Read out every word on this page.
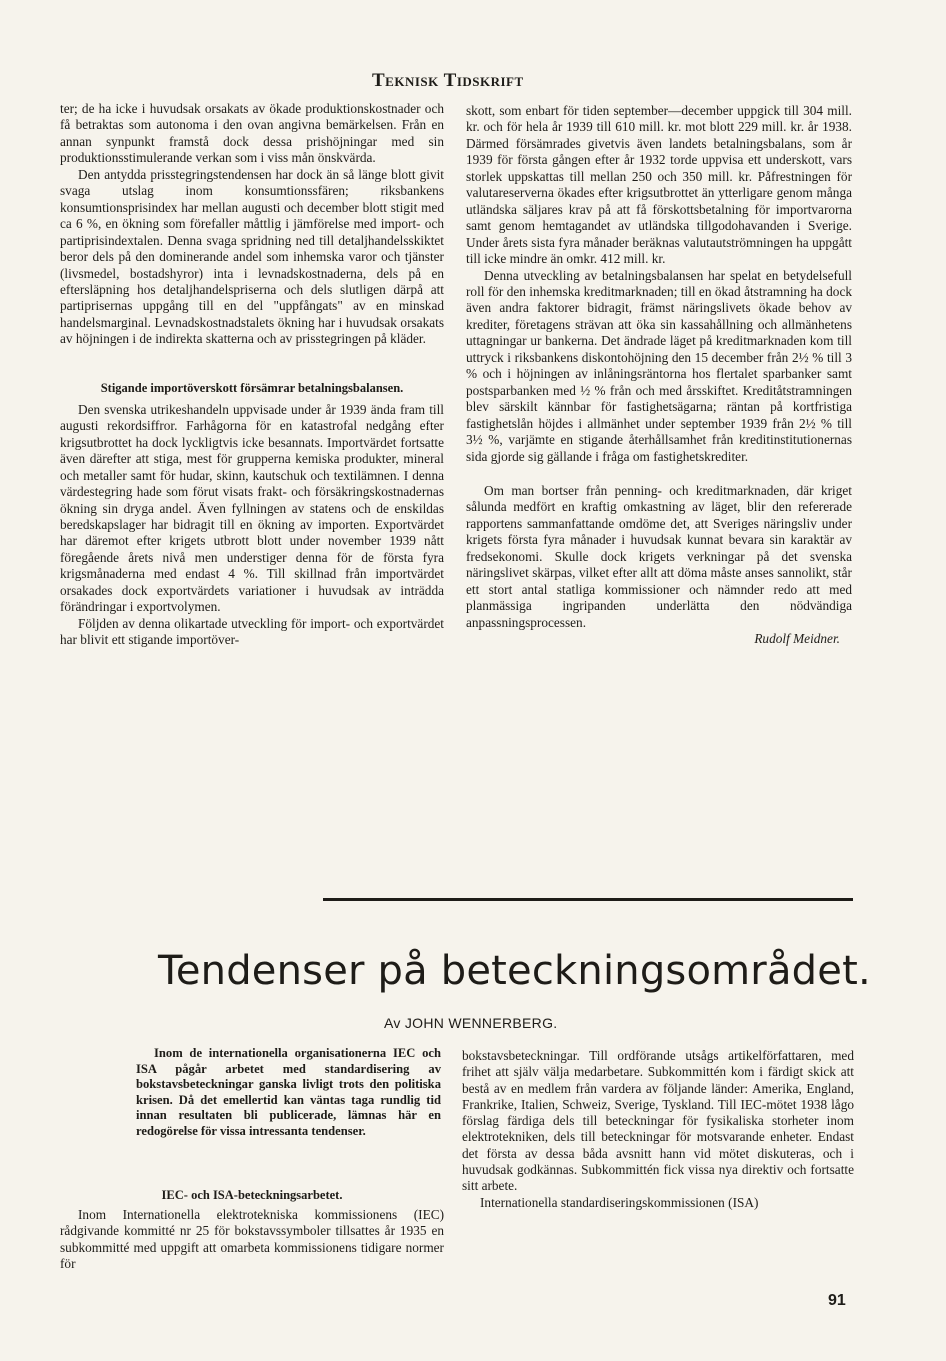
Teknisk Tidskrift

ter; de ha icke i huvudsak orsakats av ökade produktionskostnader och få betraktas som autonoma i den ovan angivna bemärkelsen. Från en annan synpunkt framstå dock dessa prishöjningar med sin produktionsstimulerande verkan som i viss mån önskvärda.

Den antydda prisstegringstendensen har dock än så länge blott givit svaga utslag inom konsumtionssfären; riksbankens konsumtionsprisindex har mellan augusti och december blott stigit med ca 6 %, en ökning som förefaller måttlig i jämförelse med import- och partiprisindextalen. Denna svaga spridning ned till detaljhandelsskiktet beror dels på den dominerande andel som inhemska varor och tjänster (livsmedel, bostadshyror) inta i levnadskostnaderna, dels på en eftersläpning hos detaljhandelspriserna och dels slutligen därpå att partiprisernas uppgång till en del "uppfångats" av en minskad handelsmarginal. Levnadskostnadstalets ökning har i huvudsak orsakats av höjningen i de indirekta skatterna och av prisstegringen på kläder.

Stigande importöverskott försämrar betalningsbalansen.

Den svenska utrikeshandeln uppvisade under år 1939 ända fram till augusti rekordsiffror. Farhågorna för en katastrofal nedgång efter krigsutbrottet ha dock lyckligtvis icke besannats. Importvärdet fortsatte även därefter att stiga, mest för grupperna kemiska produkter, mineral och metaller samt för hudar, skinn, kautschuk och textilämnen. I denna värdestegring hade som förut visats frakt- och försäkringskostnadernas ökning sin dryga andel. Även fyllningen av statens och de enskildas beredskapslager har bidragit till en ökning av importen. Exportvärdet har däremot efter krigets utbrott blott under november 1939 nått föregående årets nivå men understiger denna för de första fyra krigsmånaderna med endast 4 %. Till skillnad från importvärdet orsakades dock exportvärdets variationer i huvudsak av inträdda förändringar i exportvolymen.

Följden av denna olikartade utveckling för import- och exportvärdet har blivit ett stigande importöver-

skott, som enbart för tiden september—december uppgick till 304 mill. kr. och för hela år 1939 till 610 mill. kr. mot blott 229 mill. kr. år 1938. Därmed försämrades givetvis även landets betalningsbalans, som år 1939 för första gången efter år 1932 torde uppvisa ett underskott, vars storlek uppskattas till mellan 250 och 350 mill. kr. Påfrestningen för valutareserverna ökades efter krigsutbrottet än ytterligare genom många utländska säljares krav på att få förskottsbetalning för importvarorna samt genom hemtagandet av utländska tillgodohavanden i Sverige. Under årets sista fyra månader beräknas valutautströmningen ha uppgått till icke mindre än omkr. 412 mill. kr.

Denna utveckling av betalningsbalansen har spelat en betydelsefull roll för den inhemska kreditmarknaden; till en ökad åtstramning ha dock även andra faktorer bidragit, främst näringslivets ökade behov av krediter, företagens strävan att öka sin kassahållning och allmänhetens uttagningar ur bankerna. Det ändrade läget på kreditmarknaden kom till uttryck i riksbankens diskontohöjning den 15 december från 2½ % till 3 % och i höjningen av inlåningsräntorna hos flertalet sparbanker samt postsparbanken med ½ % från och med årsskiftet. Kreditåtstramningen blev särskilt kännbar för fastighetsägarna; räntan på kortfristiga fastighetslån höjdes i allmänhet under september 1939 från 2½ % till 3½ %, varjämte en stigande återhållsamhet från kreditinstitutionernas sida gjorde sig gällande i fråga om fastighetskrediter.

Om man bortser från penning- och kreditmarknaden, där kriget sålunda medfört en kraftig omkastning av läget, blir den refererade rapportens sammanfattande omdöme det, att Sveriges näringsliv under krigets första fyra månader i huvudsak kunnat bevara sin karaktär av fredsekonomi. Skulle dock krigets verkningar på det svenska näringslivet skärpas, vilket efter allt att döma måste anses sannolikt, står ett stort antal statliga kommissioner och nämnder redo att med planmässiga ingripanden underlätta den nödvändiga anpassningsprocessen.

Rudolf Meidner.
Tendenser på beteckningsområdet.
Av JOHN WENNERBERG.

Inom de internationella organisationerna IEC och ISA pågår arbetet med standardisering av bokstavsbeteckningar ganska livligt trots den politiska krisen. Då det emellertid kan väntas taga rundlig tid innan resultaten bli publicerade, lämnas här en redogörelse för vissa intressanta tendenser.

IEC- och ISA-beteckningsarbetet.

Inom Internationella elektrotekniska kommissionens (IEC) rådgivande kommitté nr 25 för bokstavssymboler tillsattes år 1935 en subkommitté med uppgift att omarbeta kommissionens tidigare normer för

bokstavsbeteckningar. Till ordförande utsågs artikelförfattaren, med frihet att själv välja medarbetare. Subkommittén kom i färdigt skick att bestå av en medlem från vardera av följande länder: Amerika, England, Frankrike, Italien, Schweiz, Sverige, Tyskland. Till IEC-mötet 1938 lågo förslag färdiga dels till beteckningar för fysikaliska storheter inom elektrotekniken, dels till beteckningar för motsvarande enheter. Endast det första av dessa båda avsnitt hann vid mötet diskuteras, och i huvudsak godkännas. Subkommittén fick vissa nya direktiv och fortsatte sitt arbete.

Internationella standardiseringskommissionen (ISA)

91
